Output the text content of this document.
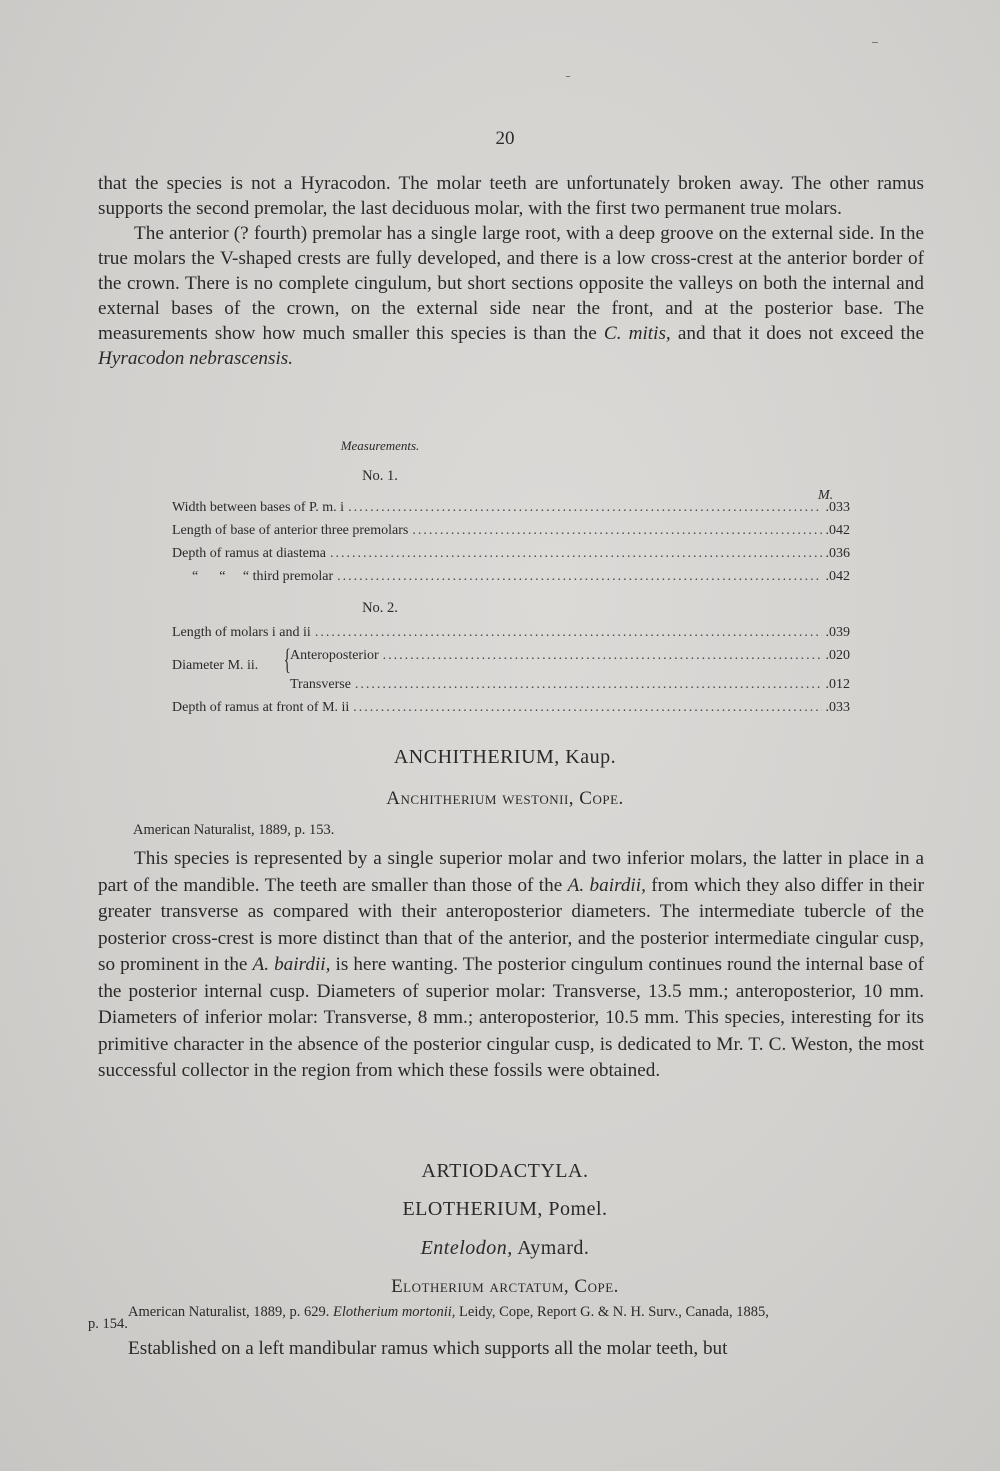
20

that the species is not a Hyracodon. The molar teeth are unfortunately broken away. The other ramus supports the second premolar, the last deciduous molar, with the first two permanent true molars.

The anterior (? fourth) premolar has a single large root, with a deep groove on the external side. In the true molars the V-shaped crests are fully developed, and there is a low cross-crest at the anterior border of the crown. There is no complete cingulum, but short sections opposite the valleys on both the internal and external bases of the crown, on the external side near the front, and at the posterior base. The measurements show how much smaller this species is than the C. mitis, and that it does not exceed the Hyracodon nebrascensis.

Measurements.
No. 1.
M.
Width between bases of P. m. i .....	.033
Length of base of anterior three premolars .....	.042
Depth of ramus at diastema .....	.036
“      “     “ third premolar .....	.042
No. 2.
Length of molars i and ii .....	.039
Diameter M. ii. { Anteroposterior .....	.020
Transverse .....	.012
Depth of ramus at front of M. ii .....	.033
ANCHITHERIUM, Kaup.
Anchitherium westonii, Cope.
American Naturalist, 1889, p. 153.

This species is represented by a single superior molar and two inferior molars, the latter in place in a part of the mandible. The teeth are smaller than those of the A. bairdii, from which they also differ in their greater transverse as compared with their anteroposterior diameters. The intermediate tubercle of the posterior cross-crest is more distinct than that of the anterior, and the posterior intermediate cingular cusp, so prominent in the A. bairdii, is here wanting. The posterior cingulum continues round the internal base of the posterior internal cusp. Diameters of superior molar: Transverse, 13.5 mm.; anteroposterior, 10 mm. Diameters of inferior molar: Transverse, 8 mm.; anteroposterior, 10.5 mm. This species, interesting for its primitive character in the absence of the posterior cingular cusp, is dedicated to Mr. T. C. Weston, the most successful collector in the region from which these fossils were obtained.

ARTIODACTYLA.
ELOTHERIUM, Pomel.
Entelodon, Aymard.
Elotherium arctatum, Cope.
American Naturalist, 1889, p. 629. Elotherium mortonii, Leidy, Cope, Report G. & N. H. Surv., Canada, 1885,
p. 154.

Established on a left mandibular ramus which supports all the molar teeth, but
